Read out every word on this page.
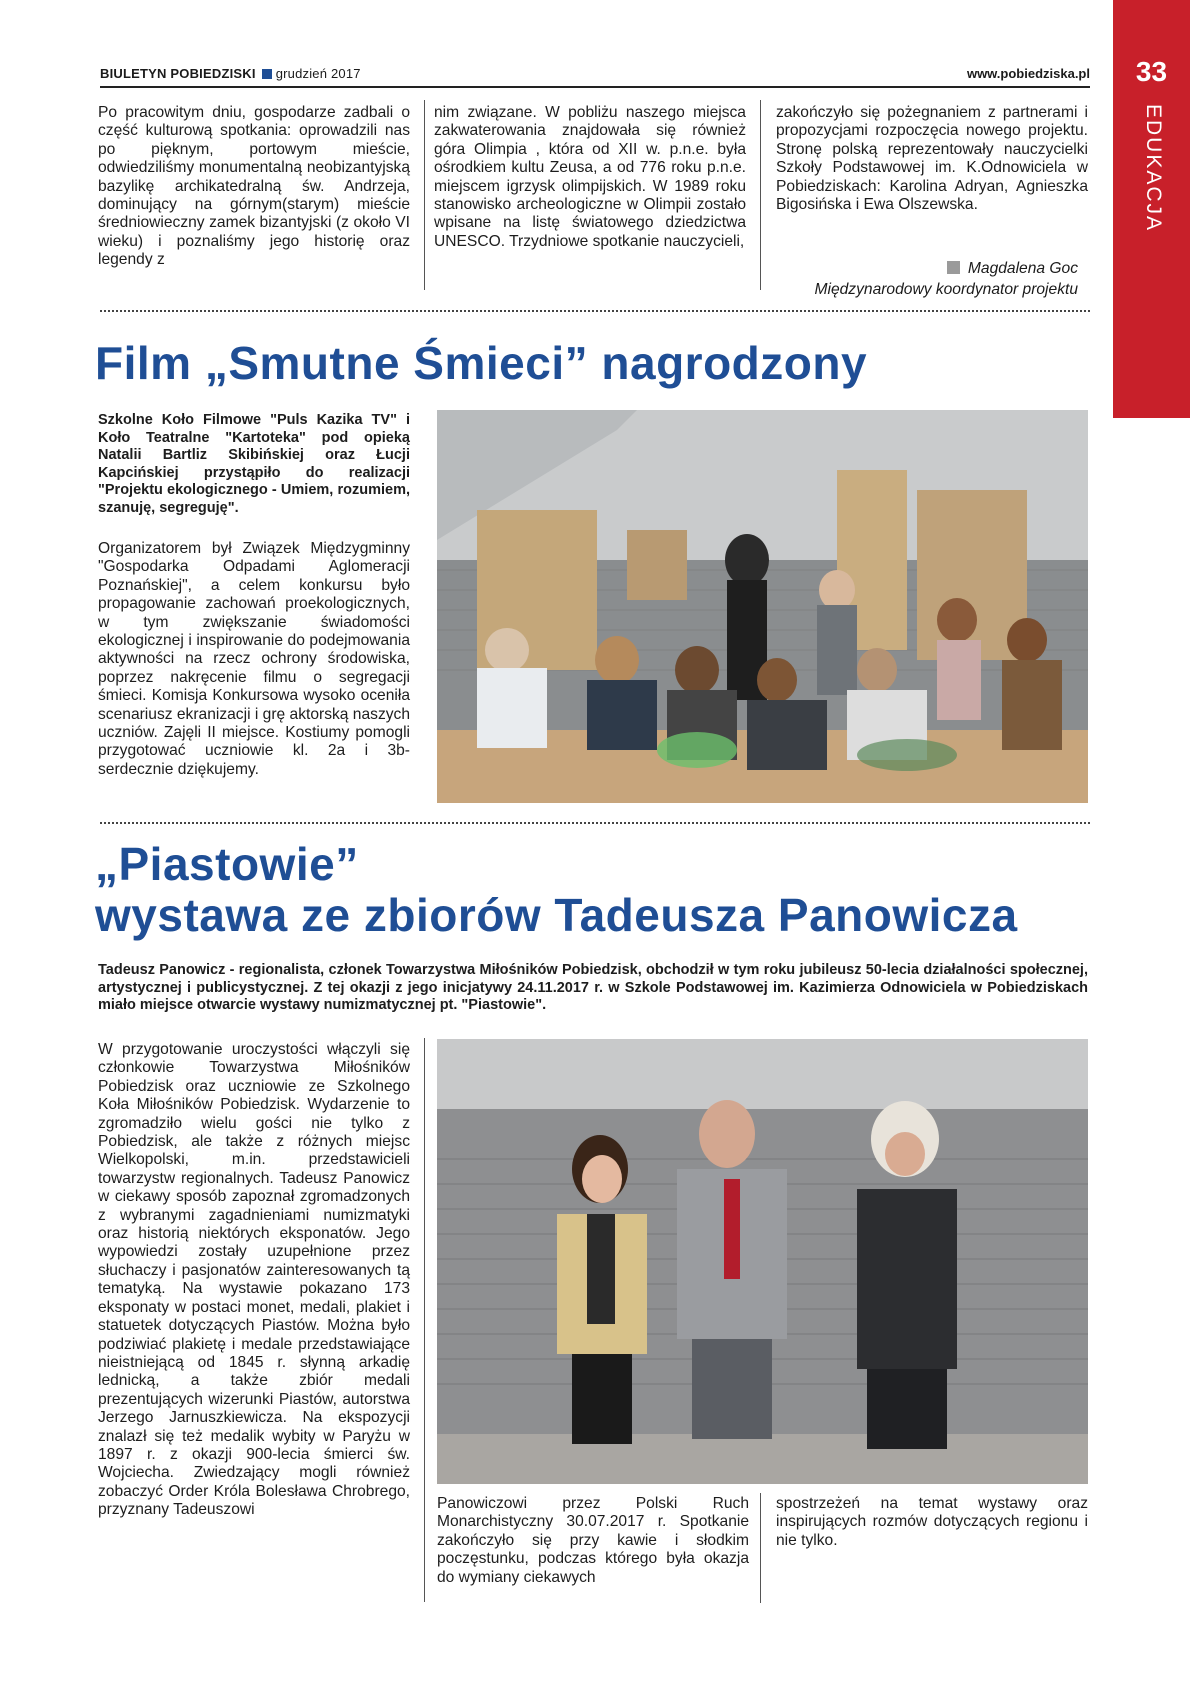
BIULETYN POBIEDZISKI grudzień 2017	www.pobiedziska.pl	33
EDUKACJA

Po pracowitym dniu, gospodarze zadbali o część kulturową spotkania: oprowadzili nas po pięknym, portowym mieście, odwiedziliśmy monumentalną neobizantyjską bazylikę archikatedralną św. Andrzeja, dominujący na górnym(starym) mieście średniowieczny zamek bizantyjski (z około VI wieku) i poznaliśmy jego historię oraz legendy z

nim związane. W pobliżu naszego miejsca zakwaterowania znajdowała się również góra Olimpia , która od XII w. p.n.e. była ośrodkiem kultu Zeusa, a od 776 roku p.n.e. miejscem igrzysk olimpijskich. W 1989 roku stanowisko archeologiczne w Olimpii zostało wpisane na listę światowego dziedzictwa UNESCO. Trzydniowe spotkanie nauczycieli,

zakończyło się pożegnaniem z partnerami i propozycjami rozpoczęcia nowego projektu. Stronę polską reprezentowały nauczycielki Szkoły Podstawowej im. K.Odnowiciela w Pobiedziskach: Karolina Adryan, Agnieszka Bigosińska i Ewa Olszewska.

Magdalena Goc
Międzynarodowy koordynator projektu
Film „Smutne Śmieci” nagrodzony
Szkolne Koło Filmowe "Puls Kazika TV" i Koło Teatralne "Kartoteka" pod opieką Natalii Bartliz Skibińskiej oraz Łucji Kapcińskiej przystąpiło do realizacji "Projektu ekologicznego - Umiem, rozumiem, szanuję, segreguję".

Organizatorem był Związek Międzygminny "Gospodarka Odpadami Aglomeracji Poznańskiej", a celem konkursu było propagowanie zachowań proekologicznych, w tym zwiększanie świadomości ekologicznej i inspirowanie do podejmowania aktywności na rzecz ochrony środowiska, poprzez nakręcenie filmu o segregacji śmieci. Komisja Konkursowa wysoko oceniła scenariusz ekranizacji i grę aktorską naszych uczniów. Zajęli II miejsce. Kostiumy pomogli przygotować uczniowie kl. 2a i 3b- serdecznie dziękujemy.

„Piastowie”
wystawa ze zbiorów Tadeusza Panowicza
Tadeusz Panowicz - regionalista, członek Towarzystwa Miłośników Pobiedzisk, obchodził w tym roku jubileusz 50-lecia działalności społecznej, artystycznej i publicystycznej. Z tej okazji z jego inicjatywy 24.11.2017 r. w Szkole Podstawowej im. Kazimierza Odnowiciela w Pobiedziskach miało miejsce otwarcie wystawy numizmatycznej pt. "Piastowie".

W przygotowanie uroczystości włączyli się członkowie Towarzystwa Miłośników Pobiedzisk oraz uczniowie ze Szkolnego Koła Miłośników Pobiedzisk. Wydarzenie to zgromadziło wielu gości nie tylko z Pobiedzisk, ale także z różnych miejsc Wielkopolski, m.in. przedstawicieli towarzystw regionalnych. Tadeusz Panowicz w ciekawy sposób zapoznał zgromadzonych z wybranymi zagadnieniami numizmatyki oraz historią niektórych eksponatów. Jego wypowiedzi zostały uzupełnione przez słuchaczy i pasjonatów zainteresowanych tą tematyką. Na wystawie pokazano 173 eksponaty w postaci monet, medali, plakiet i statuetek dotyczących Piastów. Można było podziwiać plakietę i medale przedstawiające nieistniejącą od 1845 r. słynną arkadię lednicką, a także zbiór medali prezentujących wizerunki Piastów, autorstwa Jerzego Jarnuszkiewicza. Na ekspozycji znalazł się też medalik wybity w Paryżu w 1897 r. z okazji 900-lecia śmierci św. Wojciecha. Zwiedzający mogli również zobaczyć Order Króla Bolesława Chrobrego, przyznany Tadeuszowi	Panowiczowi przez Polski Ruch Monarchistyczny 30.07.2017 r. Spotkanie zakończyło się przy kawie i słodkim poczęstunku, podczas którego była okazja do wymiany ciekawych

spostrzeżeń na temat wystawy oraz inspirujących rozmów dotyczących regionu i nie tylko.
